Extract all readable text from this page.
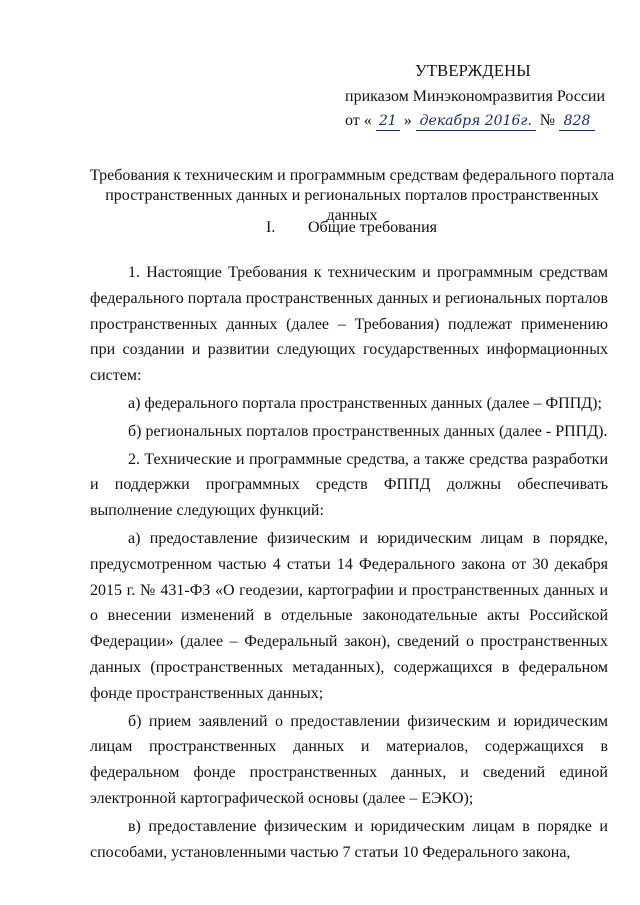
УТВЕРЖДЕНЫ
приказом Минэкономразвития России
от « 21 » декабря 2016г. № 828
Требования к техническим и программным средствам федерального портала пространственных данных и региональных порталов пространственных данных
I. Общие требования

1. Настоящие Требования к техническим и программным средствам федерального портала пространственных данных и региональных порталов пространственных данных (далее – Требования) подлежат применению при создании и развитии следующих государственных информационных систем:

а) федерального портала пространственных данных (далее – ФППД);

б) региональных порталов пространственных данных (далее - РППД).

2. Технические и программные средства, а также средства разработки и поддержки программных средств ФППД должны обеспечивать выполнение следующих функций:

а) предоставление физическим и юридическим лицам в порядке, предусмотренном частью 4 статьи 14 Федерального закона от 30 декабря 2015 г. № 431-ФЗ «О геодезии, картографии и пространственных данных и о внесении изменений в отдельные законодательные акты Российской Федерации» (далее – Федеральный закон), сведений о пространственных данных (пространственных метаданных), содержащихся в федеральном фонде пространственных данных;

б) прием заявлений о предоставлении физическим и юридическим лицам пространственных данных и материалов, содержащихся в федеральном фонде пространственных данных, и сведений единой электронной картографической основы (далее – ЕЭКО);

в) предоставление физическим и юридическим лицам в порядке и способами, установленными частью 7 статьи 10 Федерального закона,
